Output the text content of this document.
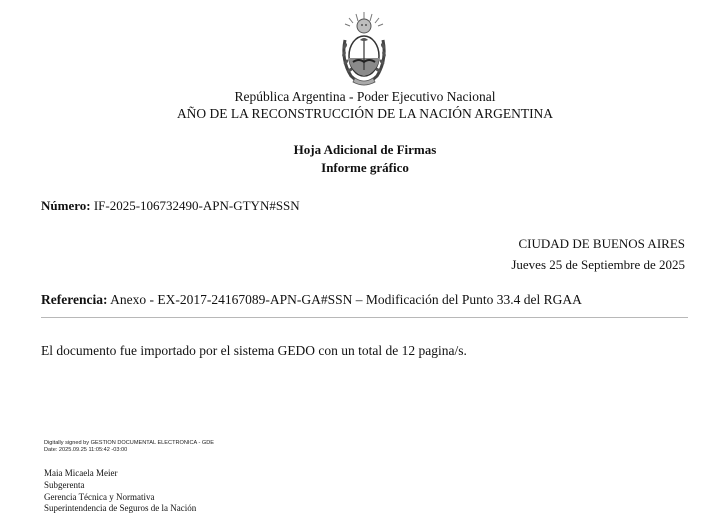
República Argentina - Poder Ejecutivo Nacional
AÑO DE LA RECONSTRUCCIÓN DE LA NACIÓN ARGENTINA
Hoja Adicional de Firmas
Informe gráfico
Número: IF-2025-106732490-APN-GTYN#SSN
CIUDAD DE BUENOS AIRES
Jueves 25 de Septiembre de 2025
Referencia: Anexo - EX-2017-24167089-APN-GA#SSN – Modificación del Punto 33.4 del RGAA
El documento fue importado por el sistema GEDO con un total de 12 pagina/s.
Digitally signed by GESTION DOCUMENTAL ELECTRONICA - GDE
Date: 2025.09.25 11:05:42 -03:00
Maia Micaela Meier
Subgerenta
Gerencia Técnica y Normativa
Superintendencia de Seguros de la Nación
